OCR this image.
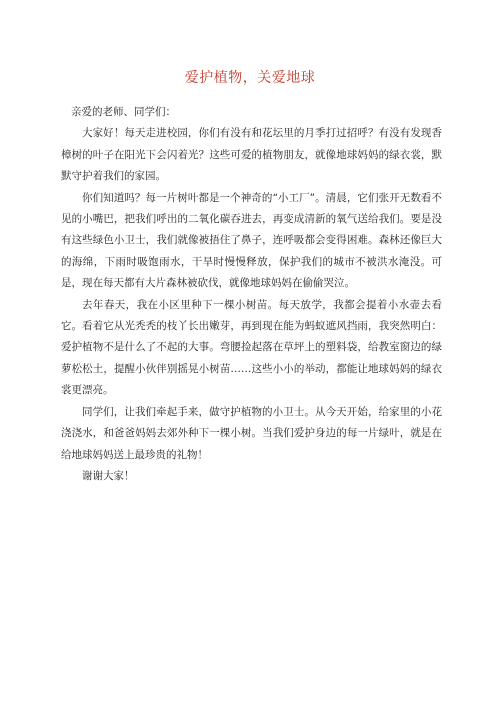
爱护植物，关爱地球

亲爱的老师、同学们：

大家好！每天走进校园，你们有没有和花坛里的月季打过招呼？有没有发现香樟树的叶子在阳光下会闪着光？这些可爱的植物朋友，就像地球妈妈的绿衣裳，默默守护着我们的家园。

你们知道吗？每一片树叶都是一个神奇的“小工厂”。清晨，它们张开无数看不见的小嘴巴，把我们呼出的二氧化碳吞进去，再变成清新的氧气送给我们。要是没有这些绿色小卫士，我们就像被捂住了鼻子，连呼吸都会变得困难。森林还像巨大的海绵，下雨时吸饱雨水，干旱时慢慢释放，保护我们的城市不被洪水淹没。可是，现在每天都有大片森林被砍伐，就像地球妈妈在偷偷哭泣。

去年春天，我在小区里种下一棵小树苗。每天放学，我都会提着小水壶去看它。看着它从光秃秃的枝丫长出嫩芽，再到现在能为蚂蚁遮风挡雨，我突然明白：爱护植物不是什么了不起的大事。弯腰捡起落在草坪上的塑料袋，给教室窗边的绿萝松松土，提醒小伙伴别摇晃小树苗……这些小小的举动，都能让地球妈妈的绿衣裳更漂亮。

同学们，让我们牵起手来，做守护植物的小卫士。从今天开始，给家里的小花浇浇水，和爸爸妈妈去郊外种下一棵小树。当我们爱护身边的每一片绿叶，就是在给地球妈妈送上最珍贵的礼物！

谢谢大家！
